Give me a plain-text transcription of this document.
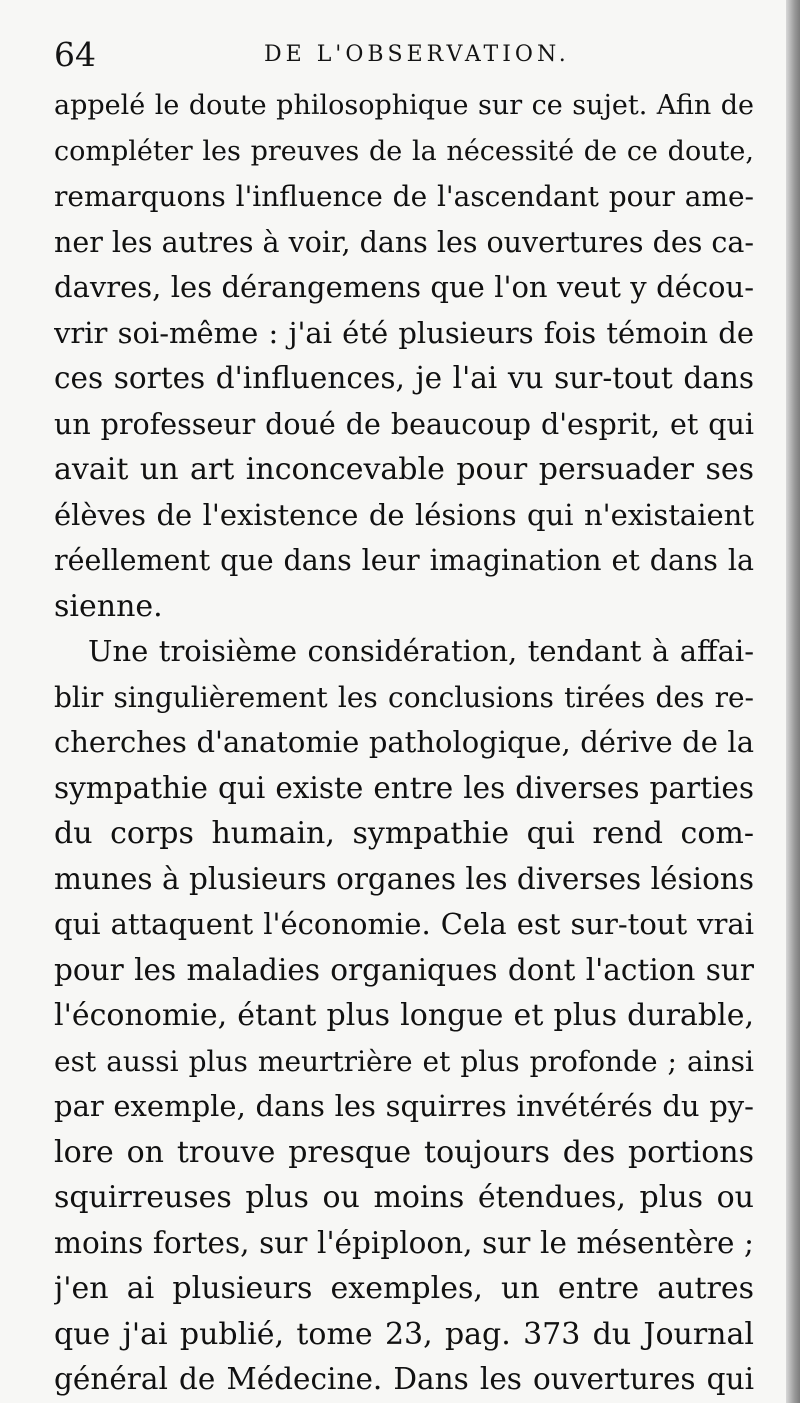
64	DE L'OBSERVATION.
appelé le doute philosophique sur ce sujet. Afin de
compléter les preuves de la nécessité de ce doute,
remarquons l'influence de l'ascendant pour ame-
ner les autres à voir, dans les ouvertures des ca-
davres, les dérangemens que l'on veut y décou-
vrir soi-même : j'ai été plusieurs fois témoin de
ces sortes d'influences, je l'ai vu sur-tout dans
un professeur doué de beaucoup d'esprit, et qui
avait un art inconcevable pour persuader ses
élèves de l'existence de lésions qui n'existaient
réellement que dans leur imagination et dans la
sienne.
Une troisième considération, tendant à affai-
blir singulièrement les conclusions tirées des re-
cherches d'anatomie pathologique, dérive de la
sympathie qui existe entre les diverses parties
du corps humain, sympathie qui rend com-
munes à plusieurs organes les diverses lésions
qui attaquent l'économie. Cela est sur-tout vrai
pour les maladies organiques dont l'action sur
l'économie, étant plus longue et plus durable,
est aussi plus meurtrière et plus profonde ; ainsi
par exemple, dans les squirres invétérés du py-
lore on trouve presque toujours des portions
squirreuses plus ou moins étendues, plus ou
moins fortes, sur l'épiploon, sur le mésentère ;
j'en ai plusieurs exemples, un entre autres
que j'ai publié, tome 23, pag. 373 du Journal
général de Médecine. Dans les ouvertures qui
